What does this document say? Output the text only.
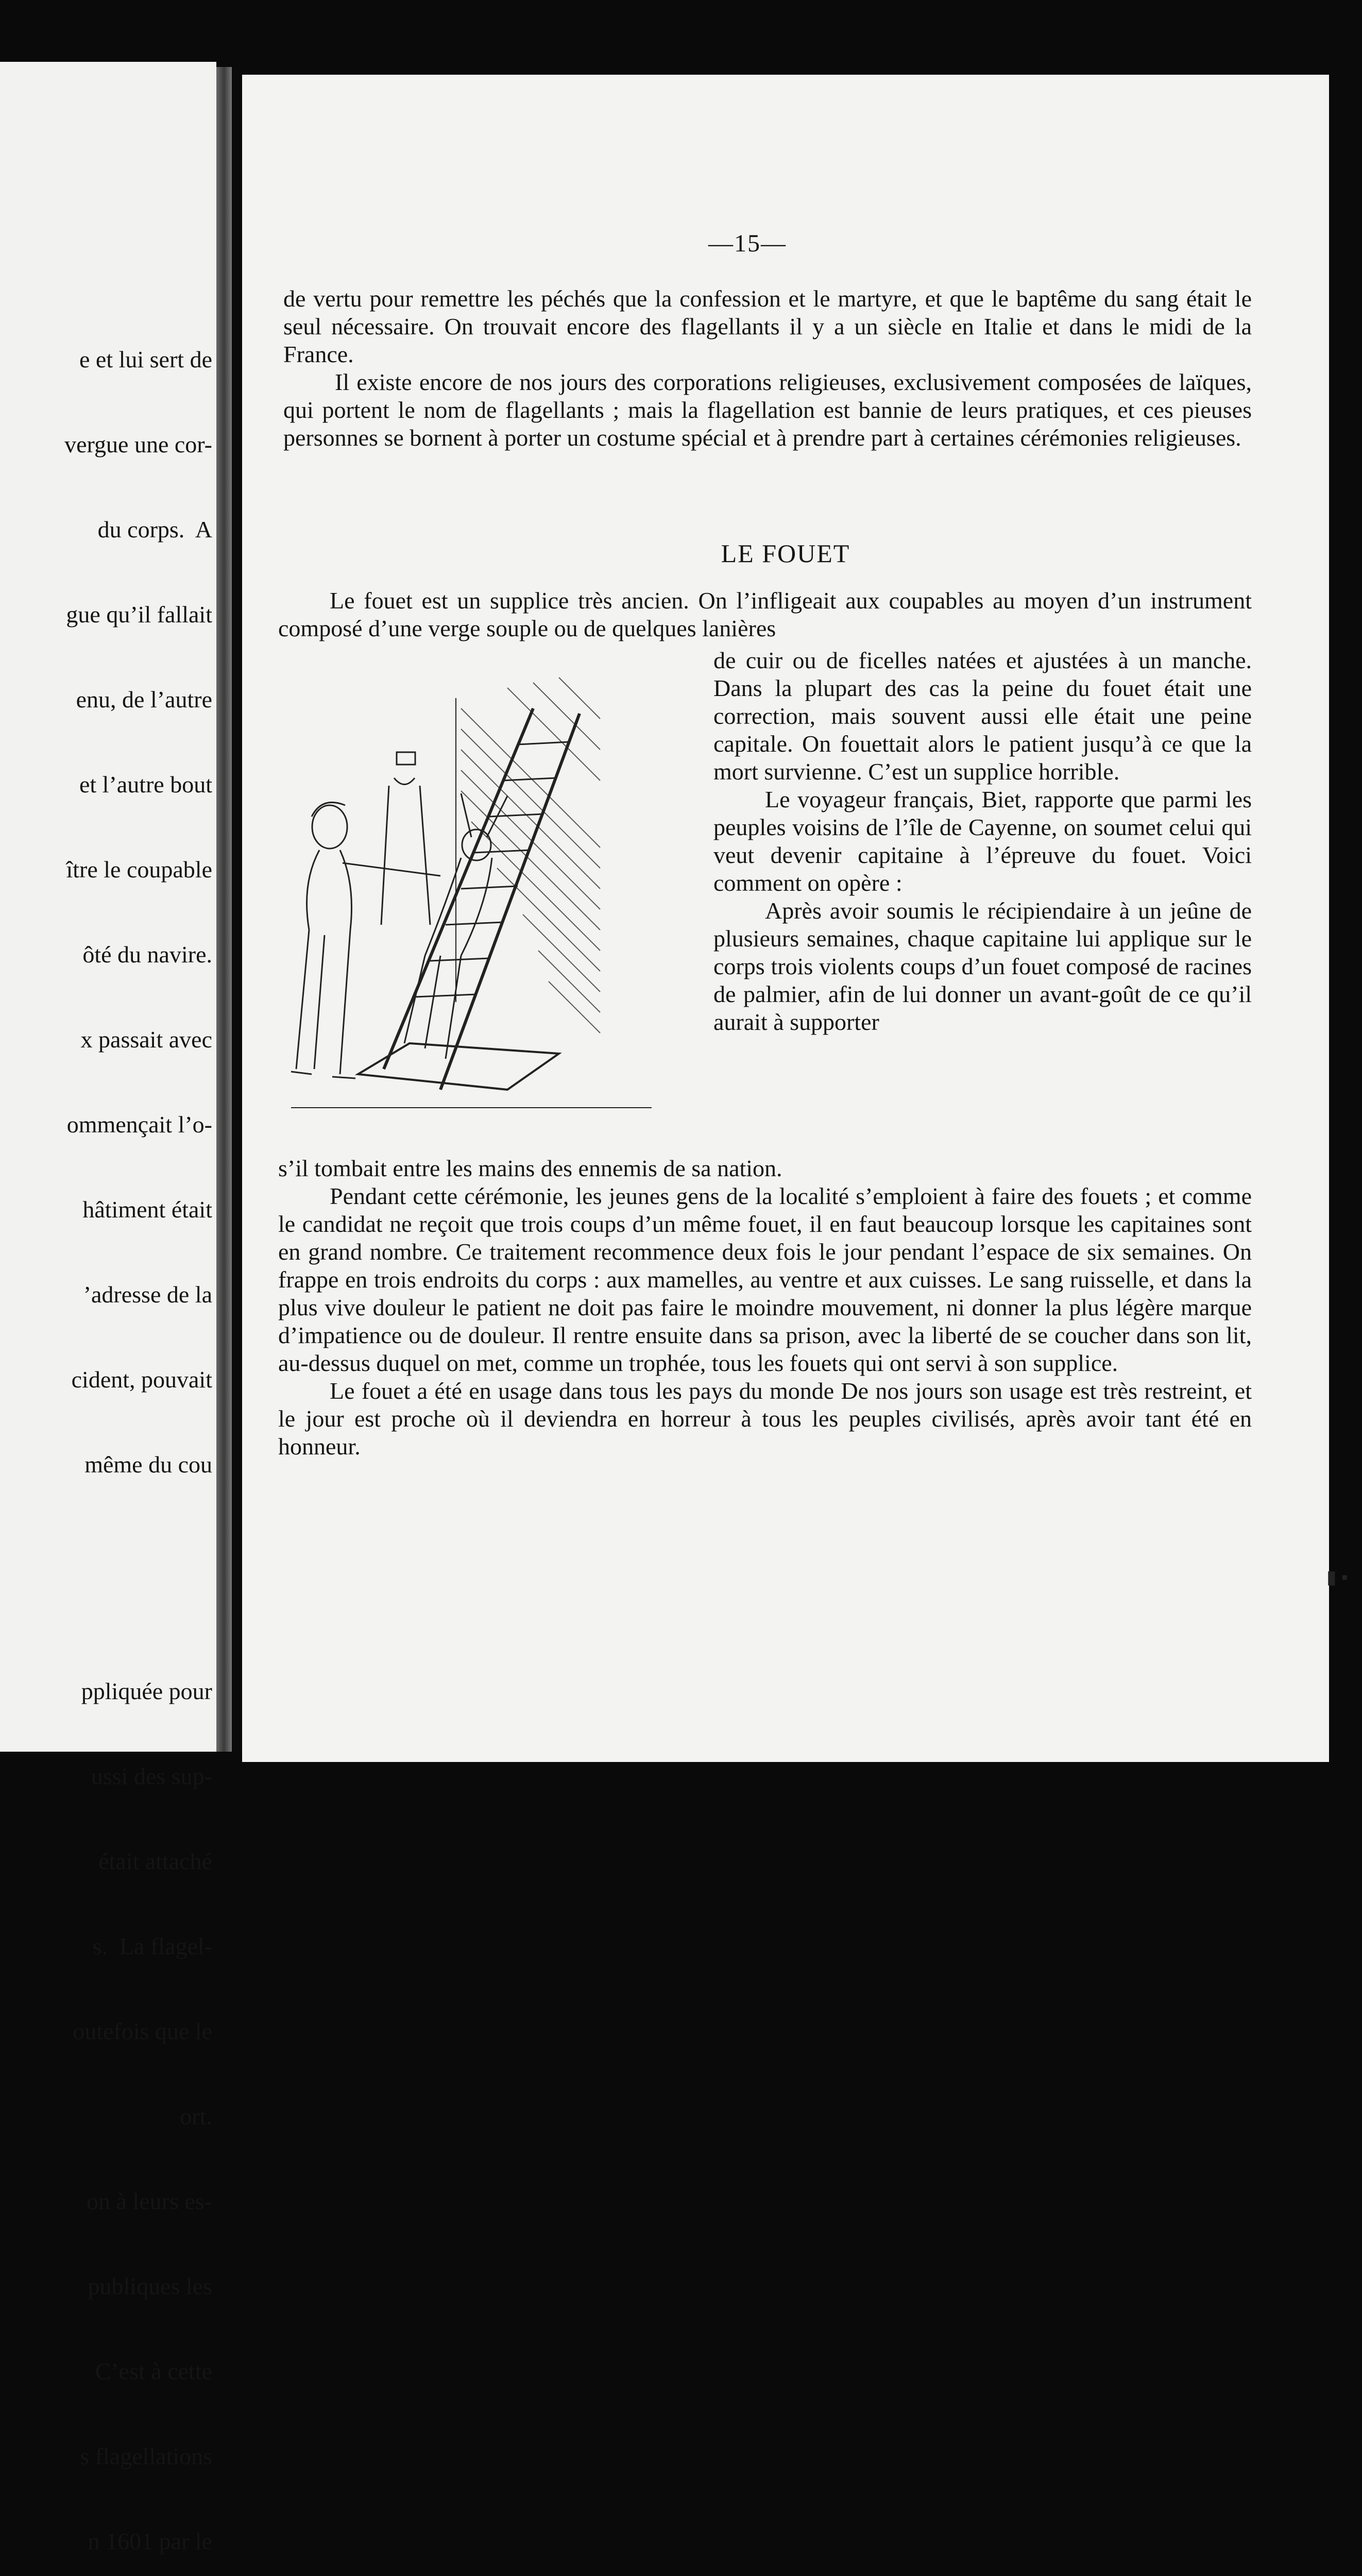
e et lui sert de

vergue une cor-

du corps.  A

gue qu’il fallait

enu, de l’autre

et l’autre bout

ître le coupable

ôté du navire.

x passait avec

ommençait l’o-

hâtiment était

’adresse de la

cident, pouvait

même du cou

ppliquée pour

ussi des sup-

était attaché

s.  La flagel-

outefois que le

ort.

on à leurs es-

publiques les

C’est à cette

s flagellations

n 1601 par le

—15—

de vertu pour remettre les péchés que la confession et le martyre, et que le baptême du sang était le seul nécessaire. On trouvait encore des flagellants il y a un siècle en Italie et dans le midi de la France.

Il existe encore de nos jours des corporations religieuses, exclusivement composées de laïques, qui portent le nom de flagellants ; mais la flagellation est bannie de leurs pratiques, et ces pieuses personnes se bornent à porter un costume spécial et à prendre part à certaines cérémonies religieuses.

LE FOUET

Le fouet est un supplice très ancien. On l’infligeait aux coupables au moyen d’un instrument composé d’une verge souple ou de quelques lanières

de cuir ou de ficelles natées et ajustées à un manche. Dans la plupart des cas la peine du fouet était une correction, mais souvent aussi elle était une peine capitale. On fouettait alors le patient jusqu’à ce que la mort survienne. C’est un supplice horrible.

Le voyageur français, Biet, rapporte que parmi les peuples voisins de l’île de Cayenne, on soumet celui qui veut devenir capitaine à l’épreuve du fouet. Voici comment on opère :

Après avoir soumis le récipiendaire à un jeûne de plusieurs semaines, chaque capitaine lui applique sur le corps trois violents coups d’un fouet composé de racines de palmier, afin de lui donner un avant-goût de ce qu’il aurait à supporter

s’il tombait entre les mains des ennemis de sa nation.

Pendant cette cérémonie, les jeunes gens de la localité s’emploient à faire des fouets ; et comme le candidat ne reçoit que trois coups d’un même fouet, il en faut beaucoup lorsque les capitaines sont en grand nombre. Ce traitement recommence deux fois le jour pendant l’espace de six semaines. On frappe en trois endroits du corps : aux mamelles, au ventre et aux cuisses. Le sang ruisselle, et dans la plus vive douleur le patient ne doit pas faire le moindre mouvement, ni donner la plus légère marque d’impatience ou de douleur. Il rentre ensuite dans sa prison, avec la liberté de se coucher dans son lit, au-dessus duquel on met, comme un trophée, tous les fouets qui ont servi à son supplice.

Le fouet a été en usage dans tous les pays du monde De nos jours son usage est très restreint, et le jour est proche où il deviendra en horreur à tous les peuples civilisés, après avoir tant été en honneur.

▮ ▪
